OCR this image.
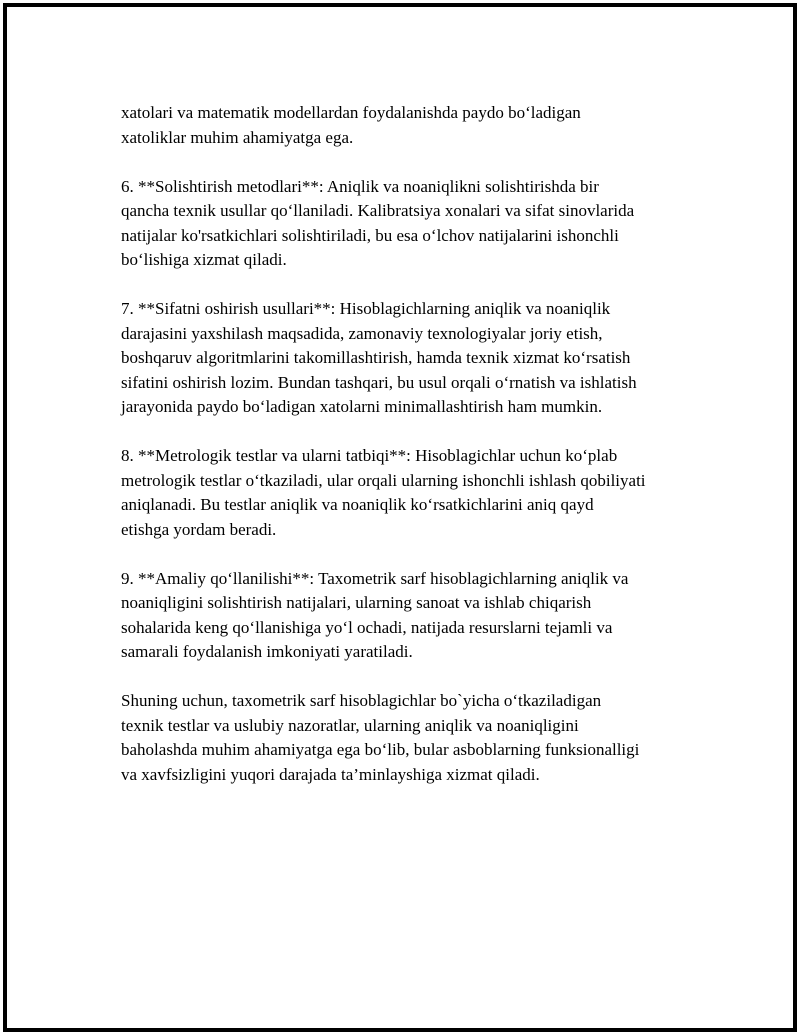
xatolari va matematik modellardan foydalanishda paydo bo‘ladigan
xatoliklar muhim ahamiyatga ega.

6. **Solishtirish metodlari**: Aniqlik va noaniqlikni solishtirishda bir
qancha texnik usullar qo‘llaniladi. Kalibratsiya xonalari va sifat sinovlarida
natijalar ko'rsatkichlari solishtiriladi, bu esa o‘lchov natijalarini ishonchli
bo‘lishiga xizmat qiladi.

7. **Sifatni oshirish usullari**: Hisoblagichlarning aniqlik va noaniqlik
darajasini yaxshilash maqsadida, zamonaviy texnologiyalar joriy etish,
boshqaruv algoritmlarini takomillashtirish, hamda texnik xizmat ko‘rsatish
sifatini oshirish lozim. Bundan tashqari, bu usul orqali o‘rnatish va ishlatish
jarayonida paydo bo‘ladigan xatolarni minimallashtirish ham mumkin.

8. **Metrologik testlar va ularni tatbiqi**: Hisoblagichlar uchun ko‘plab
metrologik testlar o‘tkaziladi, ular orqali ularning ishonchli ishlash qobiliyati
aniqlanadi. Bu testlar aniqlik va noaniqlik ko‘rsatkichlarini aniq qayd
etishga yordam beradi.

9. **Amaliy qo‘llanilishi**: Taxometrik sarf hisoblagichlarning aniqlik va
noaniqligini solishtirish natijalari, ularning sanoat va ishlab chiqarish
sohalarida keng qo‘llanishiga yo‘l ochadi, natijada resurslarni tejamli va
samarali foydalanish imkoniyati yaratiladi.

Shuning uchun, taxometrik sarf hisoblagichlar bo`yicha o‘tkaziladigan
texnik testlar va uslubiy nazoratlar, ularning aniqlik va noaniqligini
baholashda muhim ahamiyatga ega bo‘lib, bular asboblarning funksionalligi
va xavfsizligini yuqori darajada ta’minlayshiga xizmat qiladi.
